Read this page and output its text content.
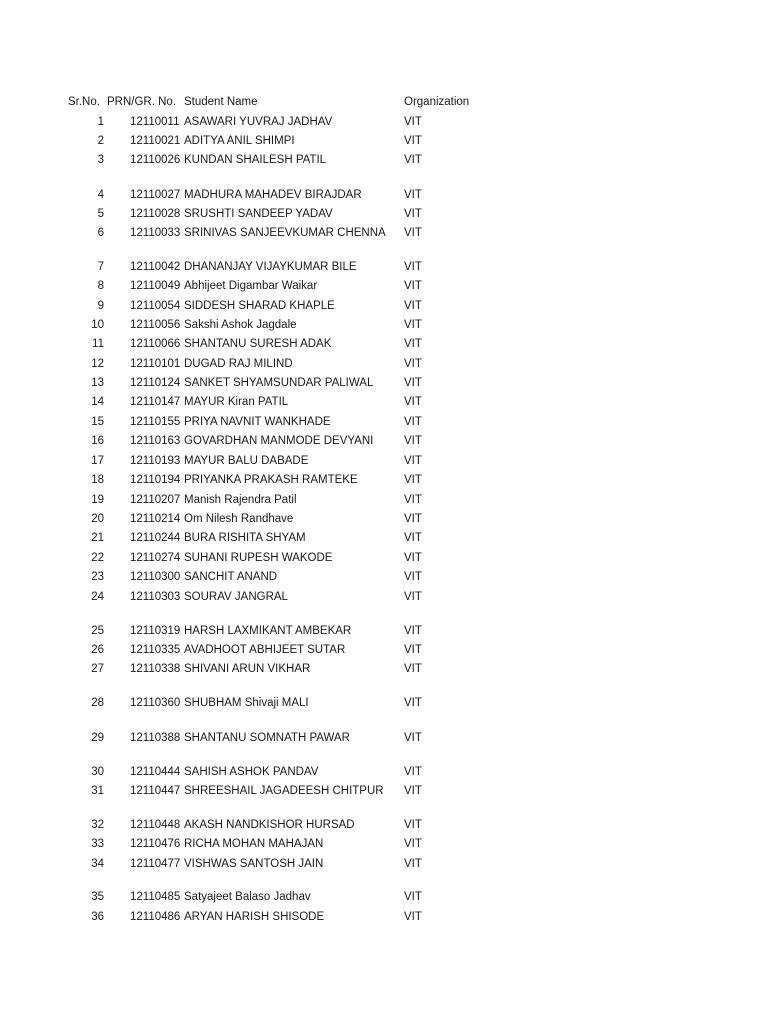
Sr.No. PRN/GR. No. Student Name	Organization
1 12110011 ASAWARI YUVRAJ JADHAV	VIT
2 12110021 ADITYA ANIL SHIMPI	VIT
3 12110026 KUNDAN SHAILESH PATIL	VIT
4 12110027 MADHURA MAHADEV BIRAJDAR	VIT
5 12110028 SRUSHTI SANDEEP YADAV	VIT
6 12110033 SRINIVAS SANJEEVKUMAR CHENNA VIT
7 12110042 DHANANJAY VIJAYKUMAR BILE	VIT
8 12110049 Abhijeet Digambar Waikar	VIT
9 12110054 SIDDESH SHARAD KHAPLE	VIT
10 12110056 Sakshi Ashok Jagdale	VIT
11 12110066 SHANTANU SURESH ADAK	VIT
12 12110101 DUGAD RAJ MILIND	VIT
13 12110124 SANKET SHYAMSUNDAR PALIWAL	VIT
14 12110147 MAYUR Kiran PATIL	VIT
15 12110155 PRIYA NAVNIT WANKHADE	VIT
16 12110163 GOVARDHAN MANMODE DEVYANI	VIT
17 12110193 MAYUR BALU DABADE	VIT
18 12110194 PRIYANKA PRAKASH RAMTEKE	VIT
19 12110207 Manish Rajendra Patil	VIT
20 12110214 Om Nilesh Randhave	VIT
21 12110244 BURA RISHITA SHYAM	VIT
22 12110274 SUHANI RUPESH WAKODE	VIT
23 12110300 SANCHIT ANAND	VIT
24 12110303 SOURAV JANGRAL	VIT
25 12110319 HARSH LAXMIKANT AMBEKAR	VIT
26 12110335 AVADHOOT ABHIJEET SUTAR	VIT
27 12110338 SHIVANI ARUN VIKHAR	VIT
28 12110360 SHUBHAM Shivaji MALI	VIT
29 12110388 SHANTANU SOMNATH PAWAR	VIT
30 12110444 SAHISH ASHOK PANDAV	VIT
31 12110447 SHREESHAIL JAGADEESH CHITPUR VIT
32 12110448 AKASH NANDKISHOR HURSAD	VIT
33 12110476 RICHA MOHAN MAHAJAN	VIT
34 12110477 VISHWAS SANTOSH JAIN	VIT
35 12110485 Satyajeet Balaso Jadhav	VIT
36 12110486 ARYAN HARISH SHISODE	VIT
